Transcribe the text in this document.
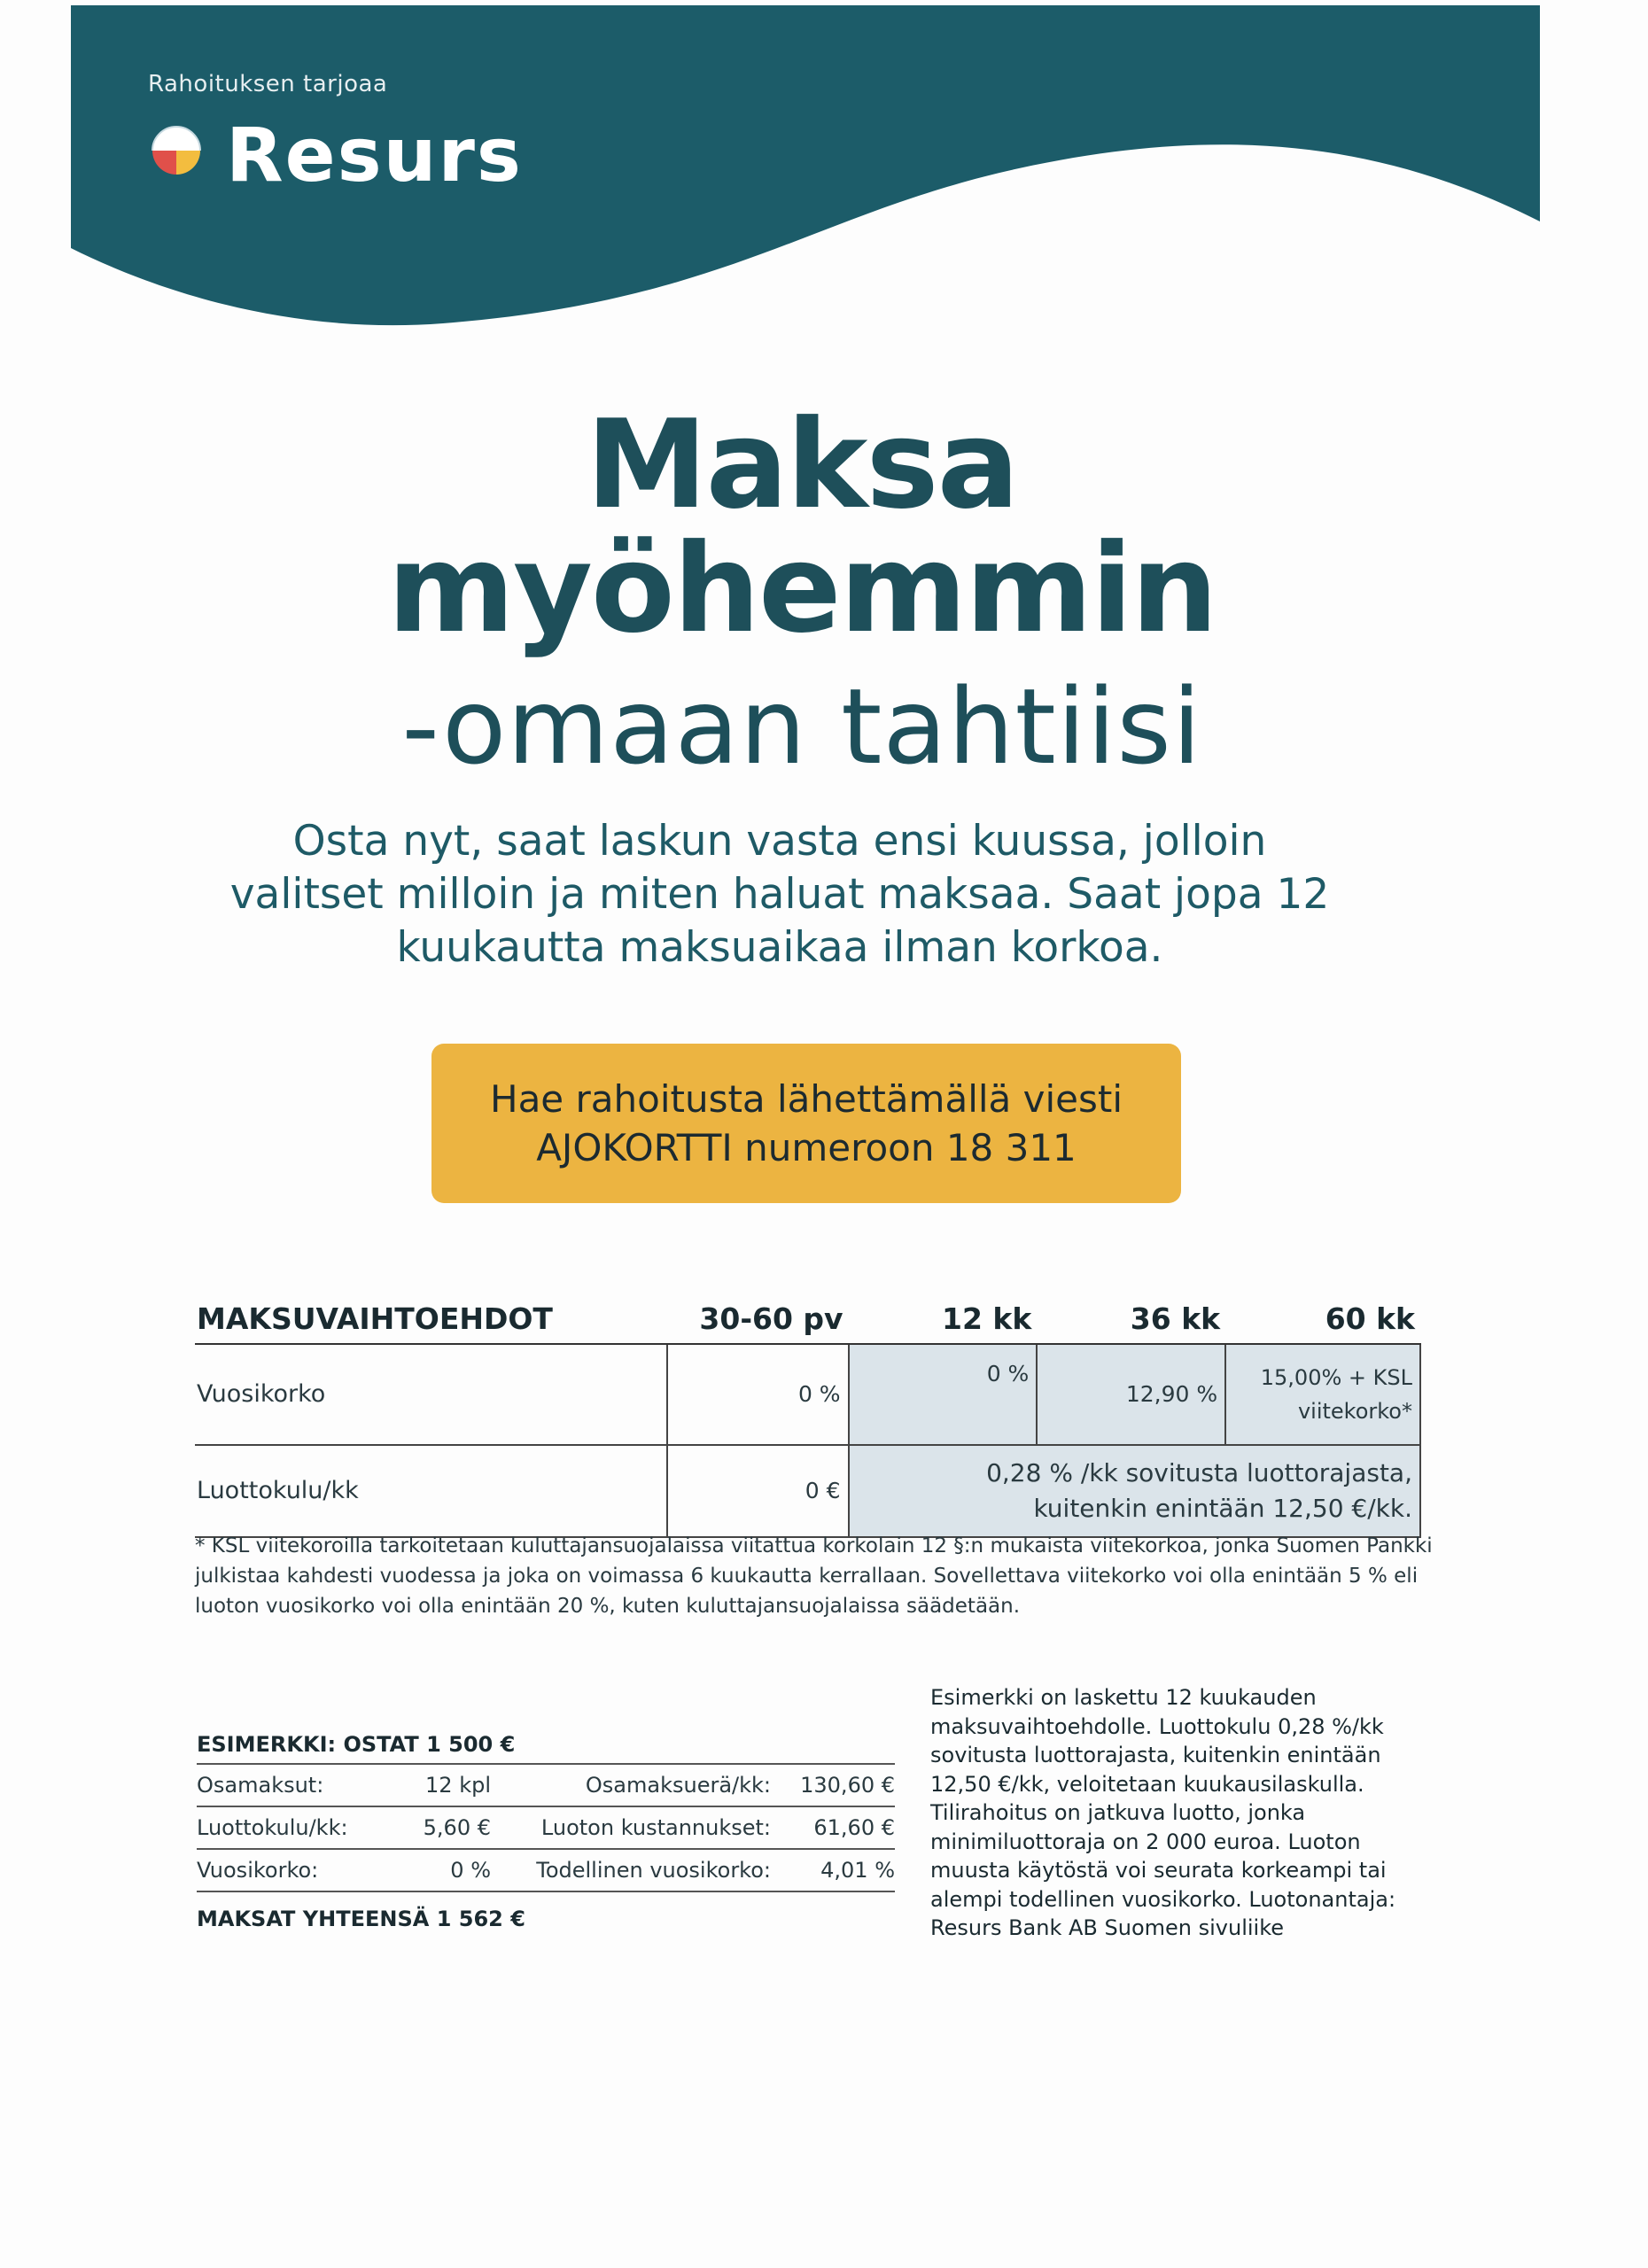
Rahoituksen tarjoaa
Resurs
Maksa
myöhemmin
-omaan tahtiisi
Osta nyt, saat laskun vasta ensi kuussa, jolloin valitset milloin ja miten haluat maksaa. Saat jopa 12 kuukautta maksuaikaa ilman korkoa.
Hae rahoitusta lähettämällä viesti
AJOKORTTI numeroon 18 311
MAKSUVAIHTOEHDOT	30-60 pv	12 kk	36 kk	60 kk
Vuosikorko	0 %	0 %	12,90 %	15,00% + KSL
viitekorko*

Luottokulu/kk	0 €	0,28 % /kk sovitusta luottorajasta,
kuitenkin enintään 12,50 €/kk.		
* KSL viitekoroilla tarkoitetaan kuluttajansuojalaissa viitattua korkolain 12 §:n mukaista viitekorkoa, jonka Suomen Pankki julkistaa kahdesti vuodessa ja joka on voimassa 6 kuukautta kerrallaan. Sovellettava viitekorko voi olla enintään 5 % eli luoton vuosikorko voi olla enintään 20 %, kuten kuluttajansuojalaissa säädetään.
ESIMERKKI: OSTAT 1 500 €
Osamaksut:	12 kpl	Osamaksuerä/kk:	130,60 €
Luottokulu/kk:	5,60 €	Luoton kustannukset:	61,60 €
Vuosikorko:	0 %	Todellinen vuosikorko:	4,01 %
MAKSAT YHTEENSÄ 1 562 €
Esimerkki on laskettu 12 kuukauden maksuvaihtoehdolle. Luottokulu 0,28 %/kk sovitusta luottorajasta, kuitenkin enintään 12,50 €/kk, veloitetaan kuukausilaskulla. Tilirahoitus on jatkuva luotto, jonka minimiluottoraja on 2 000 euroa. Luoton muusta käytöstä voi seurata korkeampi tai alempi todellinen vuosikorko. Luotonantaja: Resurs Bank AB Suomen sivuliike
